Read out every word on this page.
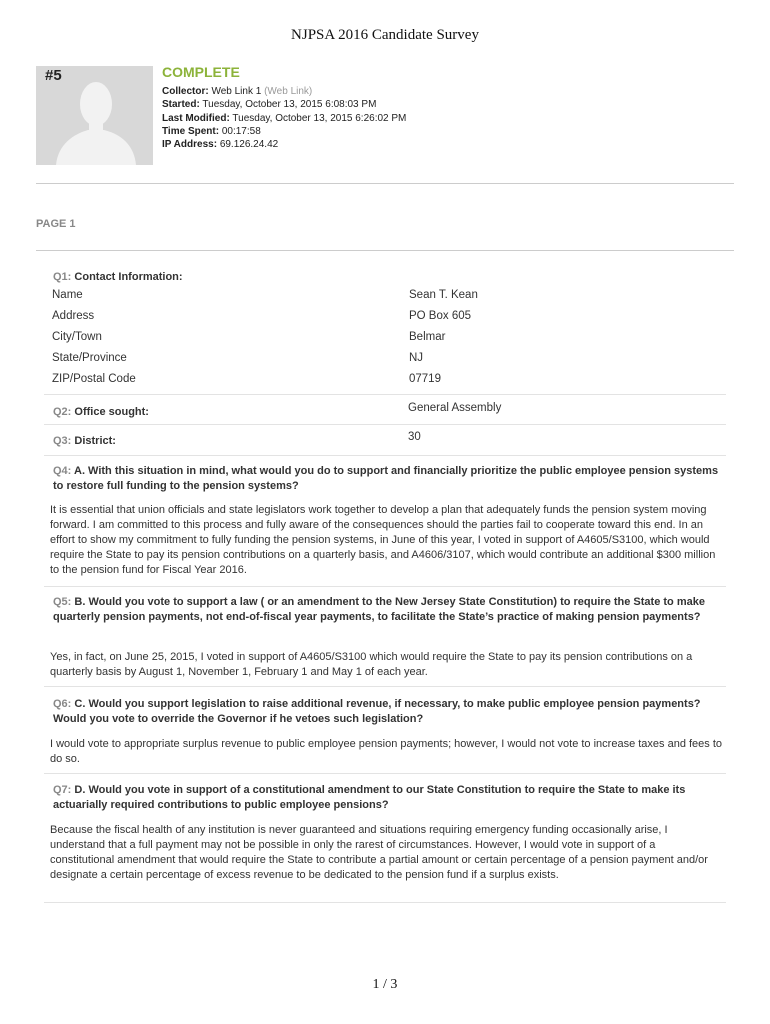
NJPSA 2016 Candidate Survey
#5	COMPLETE
Collector: Web Link 1 (Web Link)
Started: Tuesday, October 13, 2015 6:08:03 PM
Last Modified: Tuesday, October 13, 2015 6:26:02 PM
Time Spent: 00:17:58
IP Address: 69.126.24.42
PAGE 1
Q1: Contact Information:
Name	Sean T. Kean
Address	PO Box 605
City/Town	Belmar
State/Province	NJ
ZIP/Postal Code	07719
Q2: Office sought:	General Assembly
Q3: District:	30
Q4: A. With this situation in mind, what would you do to support and financially prioritize the public employee pension systems to restore full funding to the pension systems?
It is essential that union officials and state legislators work together to develop a plan that adequately funds the pension system moving forward. I am committed to this process and fully aware of the consequences should the parties fail to cooperate toward this end. In an effort to show my commitment to fully funding the pension systems, in June of this year, I voted in support of A4605/S3100, which would require the State to pay its pension contributions on a quarterly basis, and A4606/3107, which would contribute an additional $300 million to the pension fund for Fiscal Year 2016.
Q5: B. Would you vote to support a law ( or an amendment to the New Jersey State Constitution) to require the State to make quarterly pension payments, not end-of-fiscal year payments, to facilitate the State’s practice of making pension payments?
Yes, in fact, on June 25, 2015, I voted in support of A4605/S3100 which would require the State to pay its pension contributions on a quarterly basis by August 1, November 1, February 1 and May 1 of each year.
Q6: C. Would you support legislation to raise additional revenue, if necessary, to make public employee pension payments? Would you vote to override the Governor if he vetoes such legislation?
I would vote to appropriate surplus revenue to public employee pension payments; however, I would not vote to increase taxes and fees to do so.
Q7: D. Would you vote in support of a constitutional amendment to our State Constitution to require the State to make its actuarially required contributions to public employee pensions?
Because the fiscal health of any institution is never guaranteed and situations requiring emergency funding occasionally arise, I understand that a full payment may not be possible in only the rarest of circumstances. However, I would vote in support of a constitutional amendment that would require the State to contribute a partial amount or certain percentage of a pension payment and/or designate a certain percentage of excess revenue to be dedicated to the pension fund if a surplus exists.
1 / 3
